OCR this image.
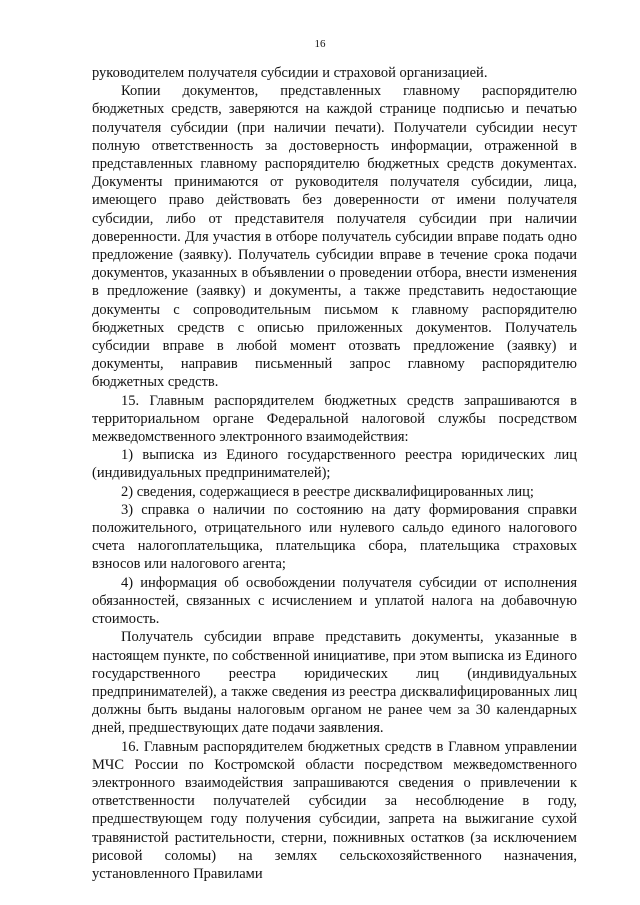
16

руководителем получателя субсидии и страховой организацией.

Копии документов, представленных главному распорядителю бюджетных средств, заверяются на каждой странице подписью и печатью получателя субсидии (при наличии печати). Получатели субсидии несут полную ответственность за достоверность информации, отраженной в представленных главному распорядителю бюджетных средств документах. Документы принимаются от руководителя получателя субсидии, лица, имеющего право действовать без доверенности от имени получателя субсидии, либо от представителя получателя субсидии при наличии доверенности. Для участия в отборе получатель субсидии вправе подать одно предложение (заявку). Получатель субсидии вправе в течение срока подачи документов, указанных в объявлении о проведении отбора, внести изменения в предложение (заявку) и документы, а также представить недостающие документы с сопроводительным письмом к главному распорядителю бюджетных средств с описью приложенных документов. Получатель субсидии вправе в любой момент отозвать предложение (заявку) и документы, направив письменный запрос главному распорядителю бюджетных средств.

15. Главным распорядителем бюджетных средств запрашиваются в территориальном органе Федеральной налоговой службы посредством межведомственного электронного взаимодействия:

1) выписка из Единого государственного реестра юридических лиц (индивидуальных предпринимателей);

2) сведения, содержащиеся в реестре дисквалифицированных лиц;

3) справка о наличии по состоянию на дату формирования справки положительного, отрицательного или нулевого сальдо единого налогового счета налогоплательщика, плательщика сбора, плательщика страховых взносов или налогового агента;

4) информация об освобождении получателя субсидии от исполнения обязанностей, связанных с исчислением и уплатой налога на добавочную стоимость.

Получатель субсидии вправе представить документы, указанные в настоящем пункте, по собственной инициативе, при этом выписка из Единого государственного реестра юридических лиц (индивидуальных предпринимателей), а также сведения из реестра дисквалифицированных лиц должны быть выданы налоговым органом не ранее чем за 30 календарных дней, предшествующих дате подачи заявления.

16. Главным распорядителем бюджетных средств в Главном управлении МЧС России по Костромской области посредством межведомственного электронного взаимодействия запрашиваются сведения о привлечении к ответственности получателей субсидии за несоблюдение в году, предшествующем году получения субсидии, запрета на выжигание сухой травянистой растительности, стерни, пожнивных остатков (за исключением рисовой соломы) на землях сельскохозяйственного назначения, установленного Правилами
